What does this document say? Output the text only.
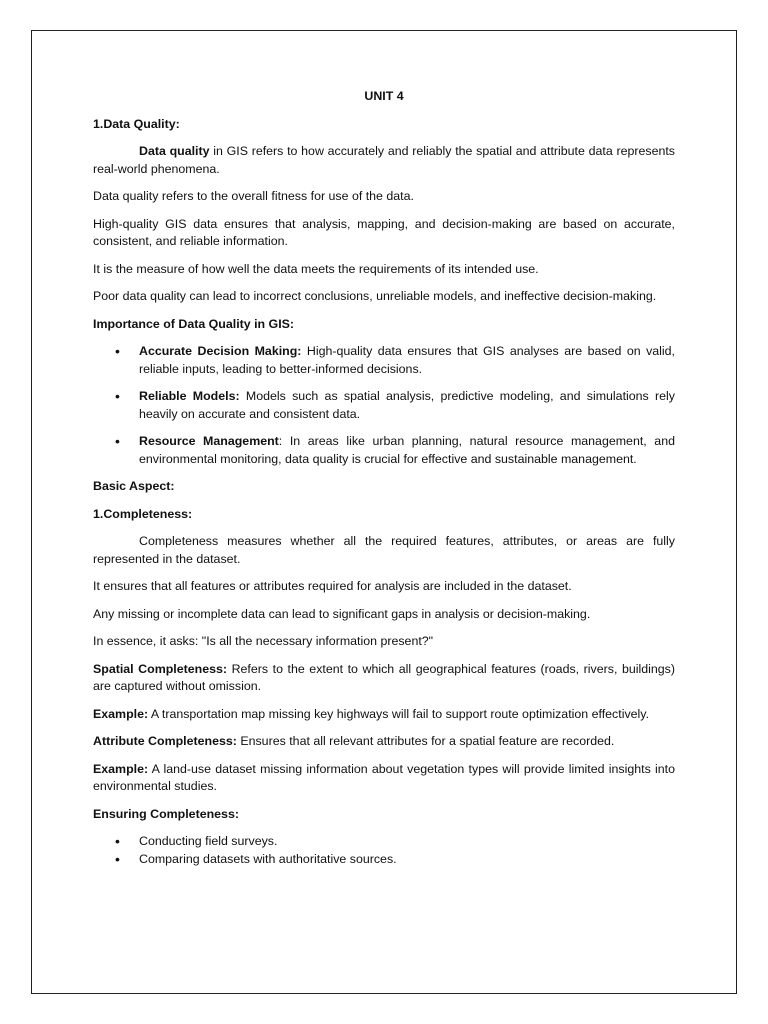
UNIT 4
1.Data Quality:
Data quality in GIS refers to how accurately and reliably the spatial and attribute data represents real-world phenomena.
Data quality refers to the overall fitness for use of the data.
High-quality GIS data ensures that analysis, mapping, and decision-making are based on accurate, consistent, and reliable information.
It is the measure of how well the data meets the requirements of its intended use.
Poor data quality can lead to incorrect conclusions, unreliable models, and ineffective decision-making.
Importance of Data Quality in GIS:
• Accurate Decision Making: High-quality data ensures that GIS analyses are based on valid, reliable inputs, leading to better-informed decisions.
• Reliable Models: Models such as spatial analysis, predictive modeling, and simulations rely heavily on accurate and consistent data.
• Resource Management: In areas like urban planning, natural resource management, and environmental monitoring, data quality is crucial for effective and sustainable management.
Basic Aspect:
1.Completeness:
Completeness measures whether all the required features, attributes, or areas are fully represented in the dataset.
It ensures that all features or attributes required for analysis are included in the dataset.
Any missing or incomplete data can lead to significant gaps in analysis or decision-making.
In essence, it asks: "Is all the necessary information present?"
Spatial Completeness: Refers to the extent to which all geographical features (roads, rivers, buildings) are captured without omission.
Example: A transportation map missing key highways will fail to support route optimization effectively.
Attribute Completeness: Ensures that all relevant attributes for a spatial feature are recorded.
Example: A land-use dataset missing information about vegetation types will provide limited insights into environmental studies.
Ensuring Completeness:
• Conducting field surveys.
• Comparing datasets with authoritative sources.
